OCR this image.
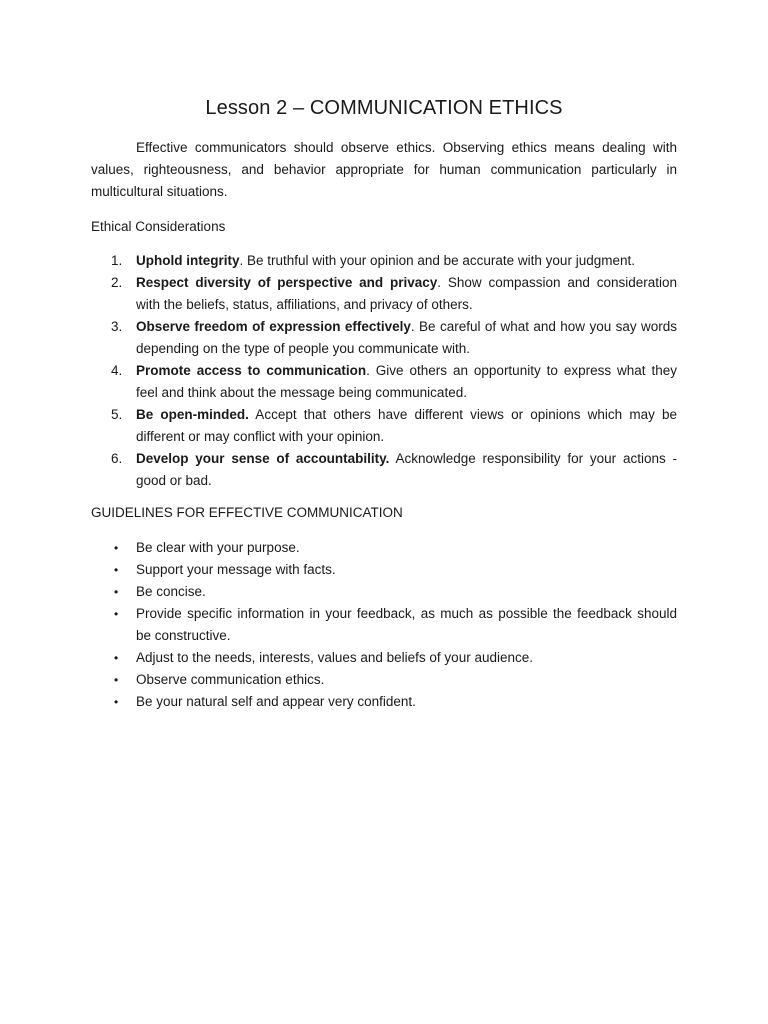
Lesson 2 – COMMUNICATION ETHICS

Effective communicators should observe ethics. Observing ethics means dealing with values, righteousness, and behavior appropriate for human communication particularly in multicultural situations.

Ethical Considerations
1. Uphold integrity. Be truthful with your opinion and be accurate with your judgment.
2. Respect diversity of perspective and privacy. Show compassion and consideration with the beliefs, status, affiliations, and privacy of others.
3. Observe freedom of expression effectively. Be careful of what and how you say words depending on the type of people you communicate with.
4. Promote access to communication. Give others an opportunity to express what they feel and think about the message being communicated.
5. Be open-minded. Accept that others have different views or opinions which may be different or may conflict with your opinion.
6. Develop your sense of accountability. Acknowledge responsibility for your actions - good or bad.
GUIDELINES FOR EFFECTIVE COMMUNICATION
• Be clear with your purpose.
• Support your message with facts.
• Be concise.
• Provide specific information in your feedback, as much as possible the feedback should be constructive.
• Adjust to the needs, interests, values and beliefs of your audience.
• Observe communication ethics.
• Be your natural self and appear very confident.
